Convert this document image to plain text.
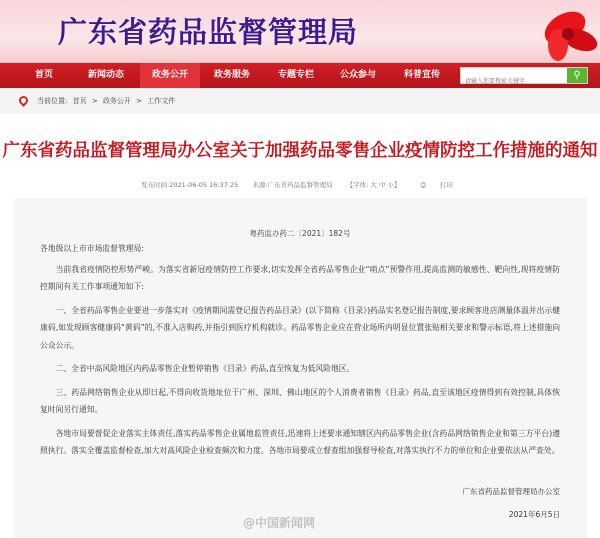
广东省药品监督管理局
首页	新闻动态	政务公开	政务服务	专题专栏	公众参与	科普宣传
请输入您要搜索关键字	⚲
当前位置: 首页 > 政务公开 > 工作文件
广东省药品监督管理局办公室关于加强药品零售企业疫情防控工作措施的通知
发布时间:2021-06-05 16:37:25 来源:广东省药品监督管理局 【字体: 大 中 小】	⎙ 打印
粤药监办药二〔2021〕182号

各地级以上市市场监督管理局:

当前我省疫情防控形势严峻。为落实省新冠疫情防控工作要求,切实发挥全省药品零售企业“哨点”预警作用,提高监测的敏感性、靶向性,现将疫情防控期间有关工作事项通知如下:

一、全省药品零售企业要进一步落实对《疫情期间需登记报告药品目录》(以下简称《目录》)药品实名登记报告制度,要求顾客进店测量体温并出示健康码,如发现顾客健康码“黄码”的,不准入店购药,并指引到医疗机构就诊。药品零售企业应在营业场所内明显位置张贴相关要求和警示标语,将上述措施向公众公示。

二、全省中高风险地区内药品零售企业暂停销售《目录》药品,直至恢复为低风险地区。

三、药品网络销售企业从即日起,不得向收货地址位于广州、深圳、佛山地区的个人消费者销售《目录》药品,直至该地区疫情得到有效控制,具体恢复时间另行通知。

各地市局要督促企业落实主体责任,落实药品零售企业属地监管责任,迅速将上述要求通知辖区内药品零售企业(含药品网络销售企业和第三方平台)遵照执行。落实全覆盖监督检查,加大对高风险企业检查频次和力度。各地市局要成立督查组加强督导检查,对落实执行不力的单位和企业要依法从严查处。

广东省药品监督管理局办公室
2021年6月5日
@中国新闻网
